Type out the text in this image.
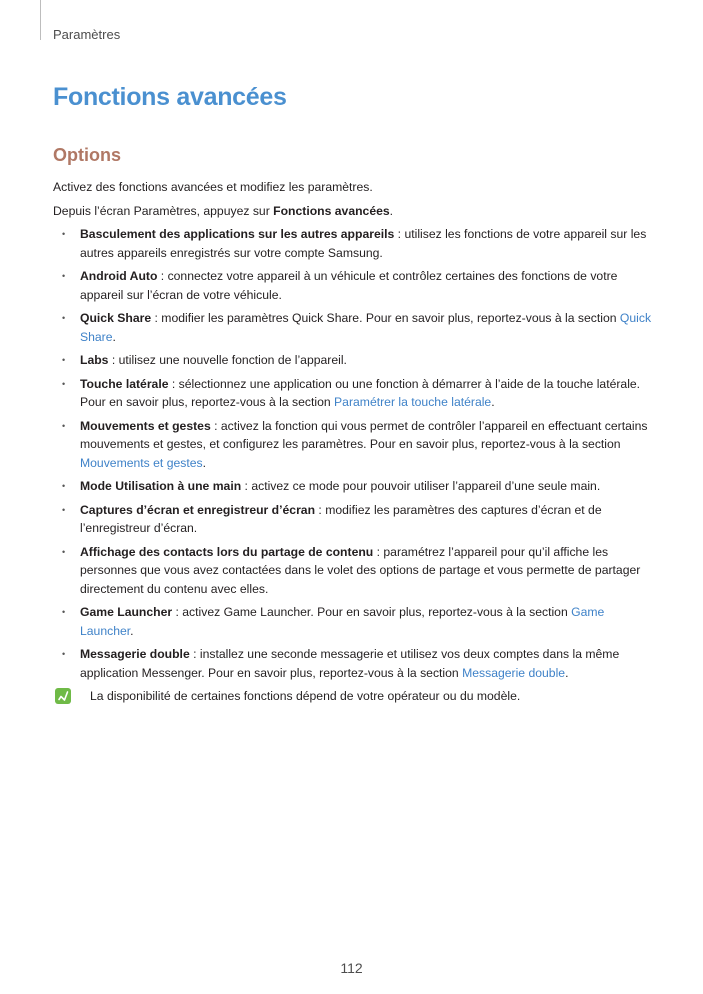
Paramètres
Fonctions avancées
Options

Activez des fonctions avancées et modifiez les paramètres.

Depuis l’écran Paramètres, appuyez sur Fonctions avancées.

• Basculement des applications sur les autres appareils : utilisez les fonctions de votre appareil sur les autres appareils enregistrés sur votre compte Samsung.
• Android Auto : connectez votre appareil à un véhicule et contrôlez certaines des fonctions de votre appareil sur l’écran de votre véhicule.
• Quick Share : modifier les paramètres Quick Share. Pour en savoir plus, reportez-vous à la section Quick Share.
• Labs : utilisez une nouvelle fonction de l’appareil.
• Touche latérale : sélectionnez une application ou une fonction à démarrer à l’aide de la touche latérale. Pour en savoir plus, reportez-vous à la section Paramétrer la touche latérale.
• Mouvements et gestes : activez la fonction qui vous permet de contrôler l’appareil en effectuant certains mouvements et gestes, et configurez les paramètres. Pour en savoir plus, reportez-vous à la section Mouvements et gestes.
• Mode Utilisation à une main : activez ce mode pour pouvoir utiliser l’appareil d’une seule main.
• Captures d’écran et enregistreur d’écran : modifiez les paramètres des captures d’écran et de l’enregistreur d’écran.
• Affichage des contacts lors du partage de contenu : paramétrez l’appareil pour qu’il affiche les personnes que vous avez contactées dans le volet des options de partage et vous permette de partager directement du contenu avec elles.
• Game Launcher : activez Game Launcher. Pour en savoir plus, reportez-vous à la section Game Launcher.
• Messagerie double : installez une seconde messagerie et utilisez vos deux comptes dans la même application Messenger. Pour en savoir plus, reportez-vous à la section Messagerie double.
La disponibilité de certaines fonctions dépend de votre opérateur ou du modèle.
112
